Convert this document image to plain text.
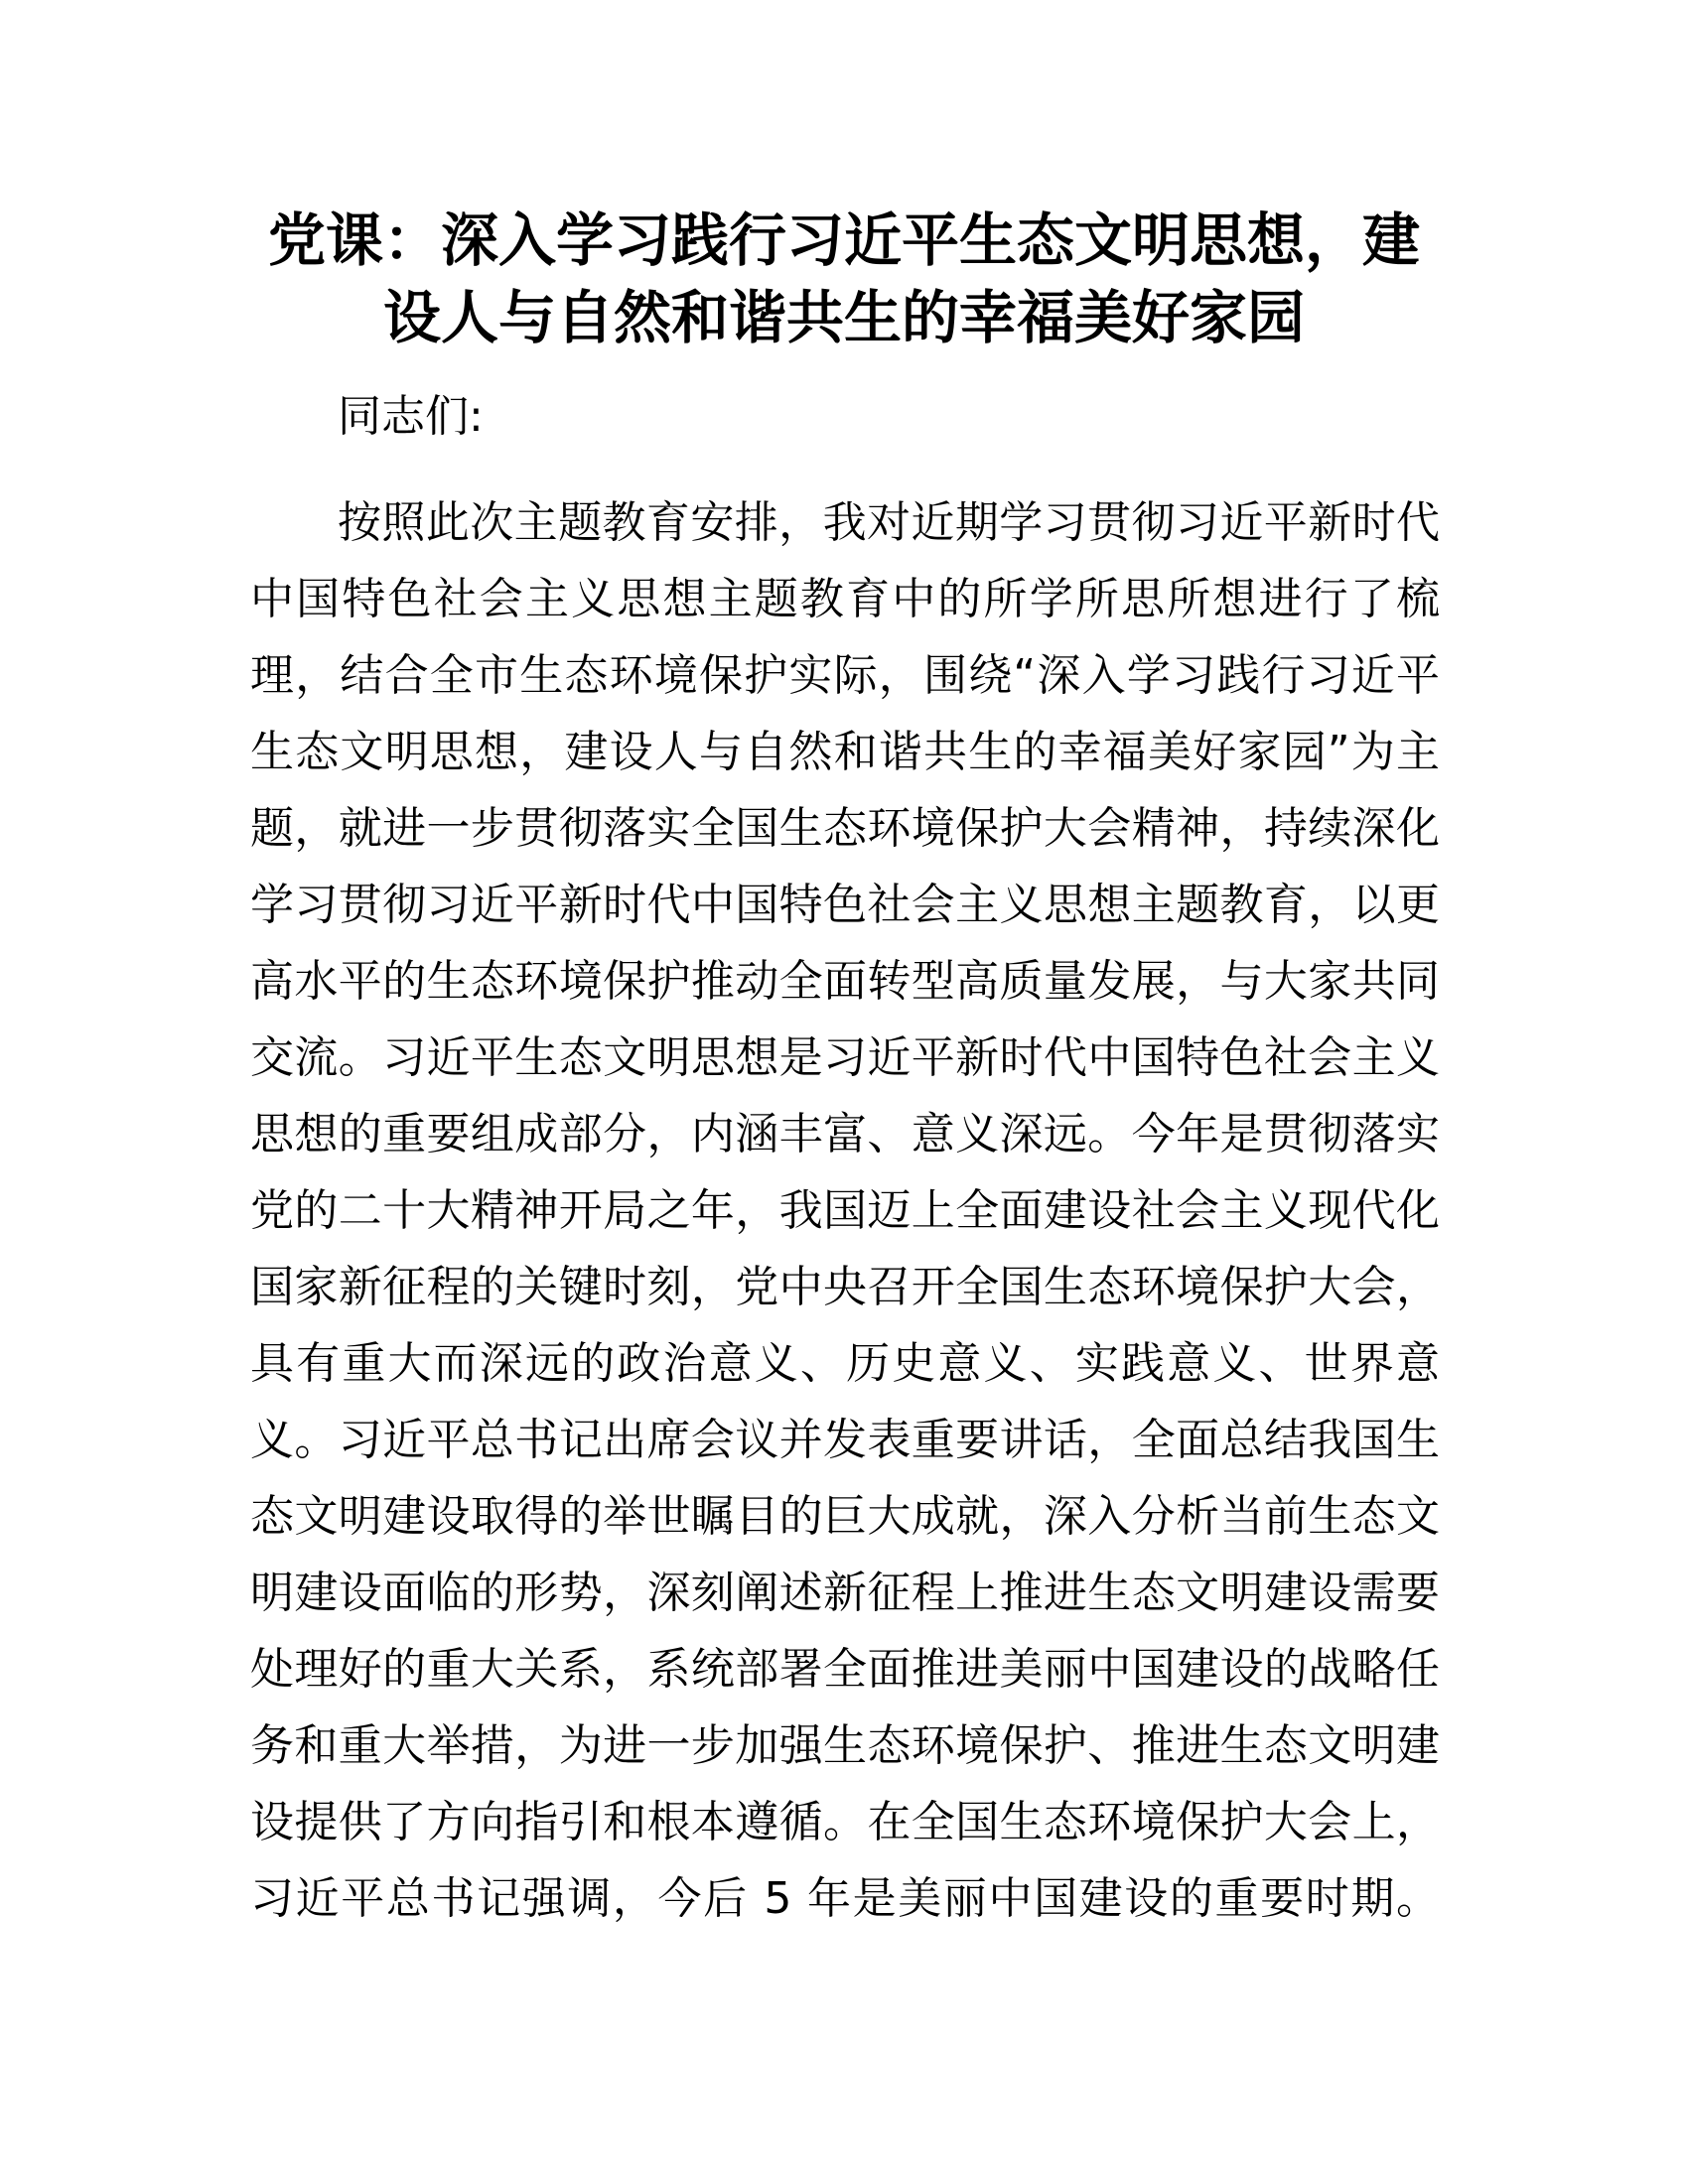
党课：深入学习践行习近平生态文明思想，建
设人与自然和谐共生的幸福美好家园
同志们:
按照此次主题教育安排，我对近期学习贯彻习近平新时代
中国特色社会主义思想主题教育中的所学所思所想进行了梳
理，结合全市生态环境保护实际，围绕“深入学习践行习近平
生态文明思想，建设人与自然和谐共生的幸福美好家园”为主
题，就进一步贯彻落实全国生态环境保护大会精神，持续深化
学习贯彻习近平新时代中国特色社会主义思想主题教育，以更
高水平的生态环境保护推动全面转型高质量发展，与大家共同
交流。习近平生态文明思想是习近平新时代中国特色社会主义
思想的重要组成部分，内涵丰富、意义深远。今年是贯彻落实
党的二十大精神开局之年，我国迈上全面建设社会主义现代化
国家新征程的关键时刻，党中央召开全国生态环境保护大会，
具有重大而深远的政治意义、历史意义、实践意义、世界意
义。习近平总书记出席会议并发表重要讲话，全面总结我国生
态文明建设取得的举世瞩目的巨大成就，深入分析当前生态文
明建设面临的形势，深刻阐述新征程上推进生态文明建设需要
处理好的重大关系，系统部署全面推进美丽中国建设的战略任
务和重大举措，为进一步加强生态环境保护、推进生态文明建
设提供了方向指引和根本遵循。在全国生态环境保护大会上，
习近平总书记强调，今后 5 年是美丽中国建设的重要时期。
